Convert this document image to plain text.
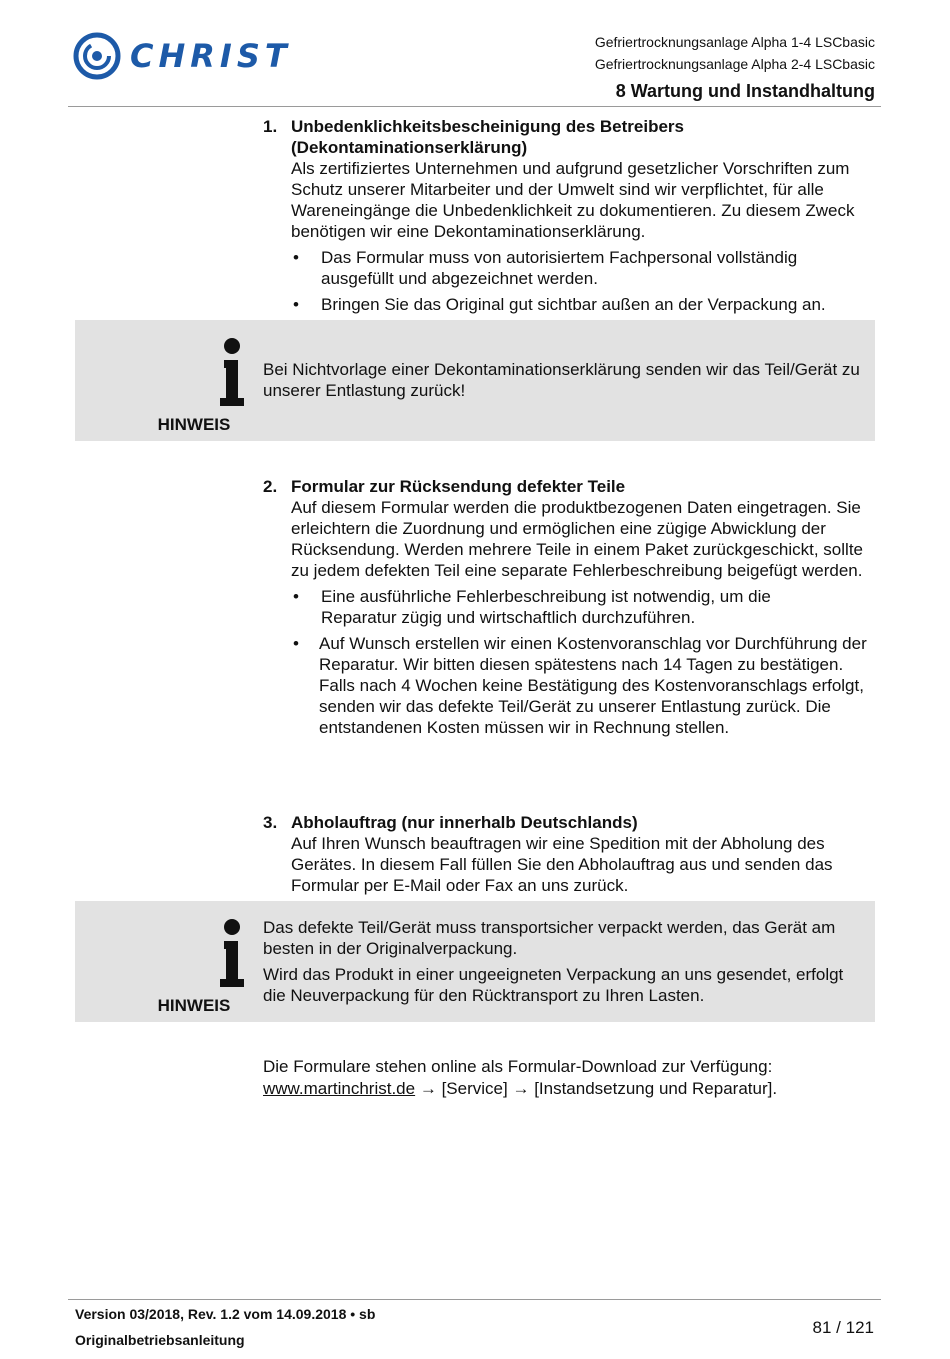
CHRIST	Gefriertrocknungsanlage Alpha 1-4 LSCbasic
Gefriertrocknungsanlage Alpha 2-4 LSCbasic
8 Wartung und Instandhaltung
1. Unbedenklichkeitsbescheinigung des Betreibers
(Dekontaminationserklärung)
Als zertifiziertes Unternehmen und aufgrund gesetzlicher Vorschriften zum Schutz unserer Mitarbeiter und der Umwelt sind wir verpflichtet, für alle Wareneingänge die Unbedenklichkeit zu dokumentieren. Zu diesem Zweck benötigen wir eine Dekontaminationserklärung.
• Das Formular muss von autorisiertem Fachpersonal vollständig ausgefüllt und abgezeichnet werden.
• Bringen Sie das Original gut sichtbar außen an der Verpackung an.
HINWEIS
Bei Nichtvorlage einer Dekontaminationserklärung senden wir das Teil/Gerät zu unserer Entlastung zurück!
2. Formular zur Rücksendung defekter Teile
Auf diesem Formular werden die produktbezogenen Daten eingetragen. Sie erleichtern die Zuordnung und ermöglichen eine zügige Abwicklung der Rücksendung. Werden mehrere Teile in einem Paket zurückgeschickt, sollte zu jedem defekten Teil eine separate Fehlerbeschreibung beigefügt werden.
• Eine ausführliche Fehlerbeschreibung ist notwendig, um die Reparatur zügig und wirtschaftlich durchzuführen.
• Auf Wunsch erstellen wir einen Kostenvoranschlag vor Durchführung der Reparatur. Wir bitten diesen spätestens nach 14 Tagen zu bestätigen. Falls nach 4 Wochen keine Bestätigung des Kostenvoranschlags erfolgt, senden wir das defekte Teil/Gerät zu unserer Entlastung zurück. Die entstandenen Kosten müssen wir in Rechnung stellen.
3. Abholauftrag (nur innerhalb Deutschlands)
Auf Ihren Wunsch beauftragen wir eine Spedition mit der Abholung des Gerätes. In diesem Fall füllen Sie den Abholauftrag aus und senden das Formular per E-Mail oder Fax an uns zurück.
HINWEIS
Das defekte Teil/Gerät muss transportsicher verpackt werden, das Gerät am besten in der Originalverpackung.
Wird das Produkt in einer ungeeigneten Verpackung an uns gesendet, erfolgt die Neuverpackung für den Rücktransport zu Ihren Lasten.
Die Formulare stehen online als Formular-Download zur Verfügung:
www.martinchrist.de → [Service] → [Instandsetzung und Reparatur].
Version 03/2018, Rev. 1.2 vom 14.09.2018 • sb
Originalbetriebsanleitung
81 / 121
